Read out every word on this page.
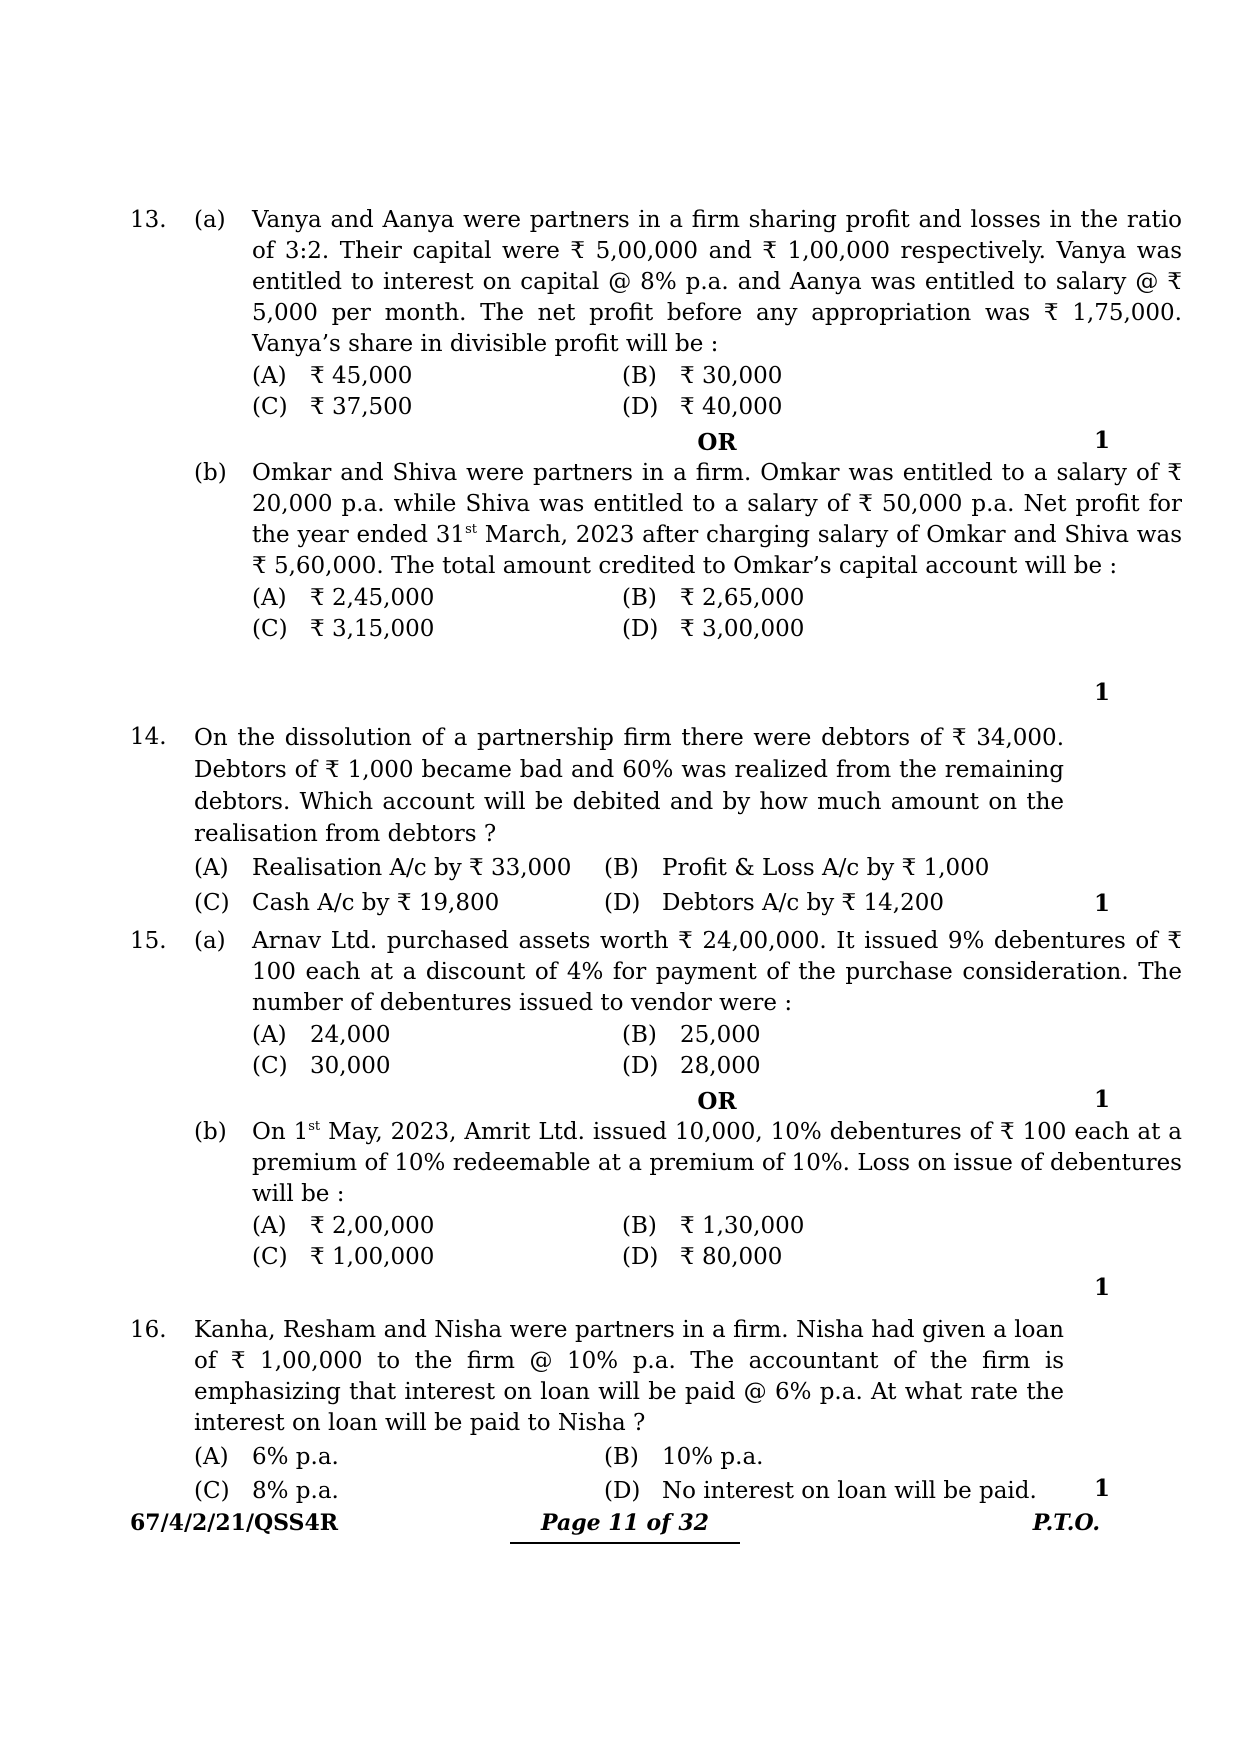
13.	(a) Vanya and Aanya were partners in a firm sharing profit and losses in the ratio of 3:2. Their capital were ₹ 5,00,000 and ₹ 1,00,000 respectively. Vanya was entitled to interest on capital @ 8% p.a. and Aanya was entitled to salary @ ₹ 5,000 per month. The net profit before any appropriation was ₹ 1,75,000. Vanya’s share in divisible profit will be :
(A) ₹ 45,000	(B) ₹ 30,000
(C) ₹ 37,500	(D) ₹ 40,000
1
OR
(b) Omkar and Shiva were partners in a firm. Omkar was entitled to a salary of ₹ 20,000 p.a. while Shiva was entitled to a salary of ₹ 50,000 p.a. Net profit for the year ended 31st March, 2023 after charging salary of Omkar and Shiva was ₹ 5,60,000. The total amount credited to Omkar’s capital account will be :
(A) ₹ 2,45,000	(B) ₹ 2,65,000
(C) ₹ 3,15,000	(D) ₹ 3,00,000
1
14.	On the dissolution of a partnership firm there were debtors of ₹ 34,000. Debtors of ₹ 1,000 became bad and 60% was realized from the remaining debtors. Which account will be debited and by how much amount on the realisation from debtors ?
(A) Realisation A/c by ₹ 33,000 (B) Profit & Loss A/c by ₹ 1,000
(C) Cash A/c by ₹ 19,800	(D) Debtors A/c by ₹ 14,200	1
15.	(a) Arnav Ltd. purchased assets worth ₹ 24,00,000. It issued 9% debentures of ₹ 100 each at a discount of 4% for payment of the purchase consideration. The number of debentures issued to vendor were :
(A) 24,000	(B) 25,000
(C) 30,000	(D) 28,000
1
OR
(b) On 1st May, 2023, Amrit Ltd. issued 10,000, 10% debentures of ₹ 100 each at a premium of 10% redeemable at a premium of 10%. Loss on issue of debentures will be :
(A) ₹ 2,00,000	(B) ₹ 1,30,000
(C) ₹ 1,00,000	(D) ₹ 80,000
1
16.	Kanha, Resham and Nisha were partners in a firm. Nisha had given a loan of ₹ 1,00,000 to the firm @ 10% p.a. The accountant of the firm is emphasizing that interest on loan will be paid @ 6% p.a. At what rate the interest on loan will be paid to Nisha ?
(A) 6% p.a.	(B) 10% p.a.
(C) 8% p.a.	(D) No interest on loan will be paid. 1
67/4/2/21/QSS4R	Page 11 of 32	P.T.O.
